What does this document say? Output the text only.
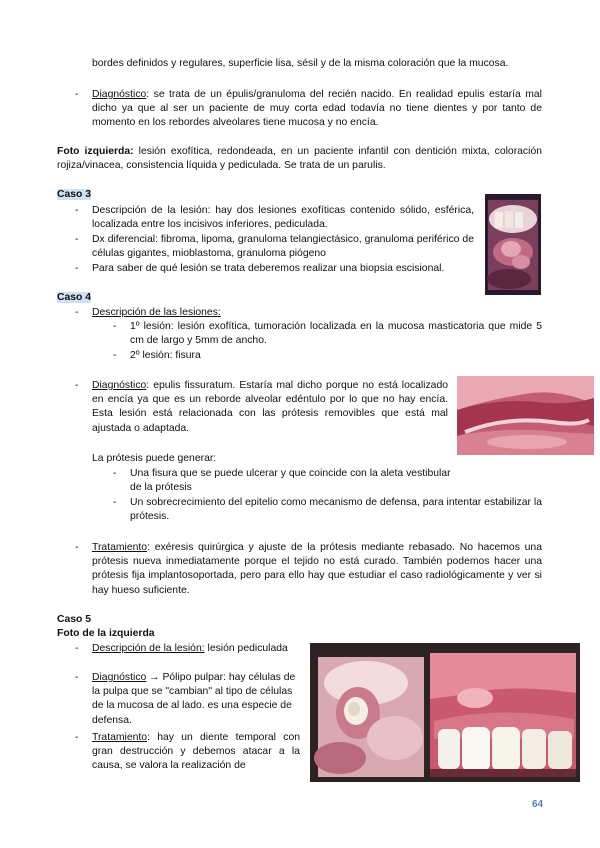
bordes definidos y regulares, superficie lisa, sésil y de la misma coloración que la mucosa.
- Diagnóstico: se trata de un épulis/granuloma del recién nacido. En realidad epulis estaría mal dicho ya que al ser un paciente de muy corta edad todavía no tiene dientes y por tanto de momento en los rebordes alveolares tiene mucosa y no encía.
Foto izquierda: lesión exofítica, redondeada, en un paciente infantil con dentición mixta, coloración rojiza/vinacea, consistencia líquida y pediculada. Se trata de un parulis.
Caso 3
- Descripción de la lesión: hay dos lesiones exofíticas contenido sólido, esférica, localizada entre los incisivos inferiores, pediculada.
- Dx diferencial: fibroma, lipoma, granuloma telangiectásico, granuloma periférico de células gigantes, mioblastoma, granuloma piógeno
- Para saber de qué lesión se trata deberemos realizar una biopsia escisional.
Caso 4
- Descripción de las lesiones:
- 1º lesión: lesión exofítica, tumoración localizada en la mucosa masticatoria que mide 5 cm de largo y 5mm de ancho.
- 2º lesión: fisura
- Diagnóstico: epulis fissuratum. Estaría mal dicho porque no está localizado en encía ya que es un reborde alveolar edéntulo por lo que no hay encía. Esta lesión está relacionada con las prótesis removibles que está mal ajustada o adaptada.
La prótesis puede generar:
- Una fisura que se puede ulcerar y que coincide con la aleta vestibular de la prótesis
- Un sobrecrecimiento del epitelio como mecanismo de defensa, para intentar estabilizar la prótesis.
- Tratamiento: exéresis quirúrgica y ajuste de la prótesis mediante rebasado. No hacemos una prótesis nueva inmediatamente porque el tejido no está curado. También podemos hacer una prótesis fija implantosoportada, pero para ello hay que estudiar el caso radiológicamente y ver si hay hueso suficiente.
Caso 5
Foto de la izquierda
- Descripción de la lesión: lesión pediculada
- Diagnóstico → Pólipo pulpar: hay células de la pulpa que se "cambian" al tipo de células de la mucosa de al lado. es una especie de defensa.
- Tratamiento: hay un diente temporal con gran destrucción y debemos atacar a la causa, se valora la realización de
64
